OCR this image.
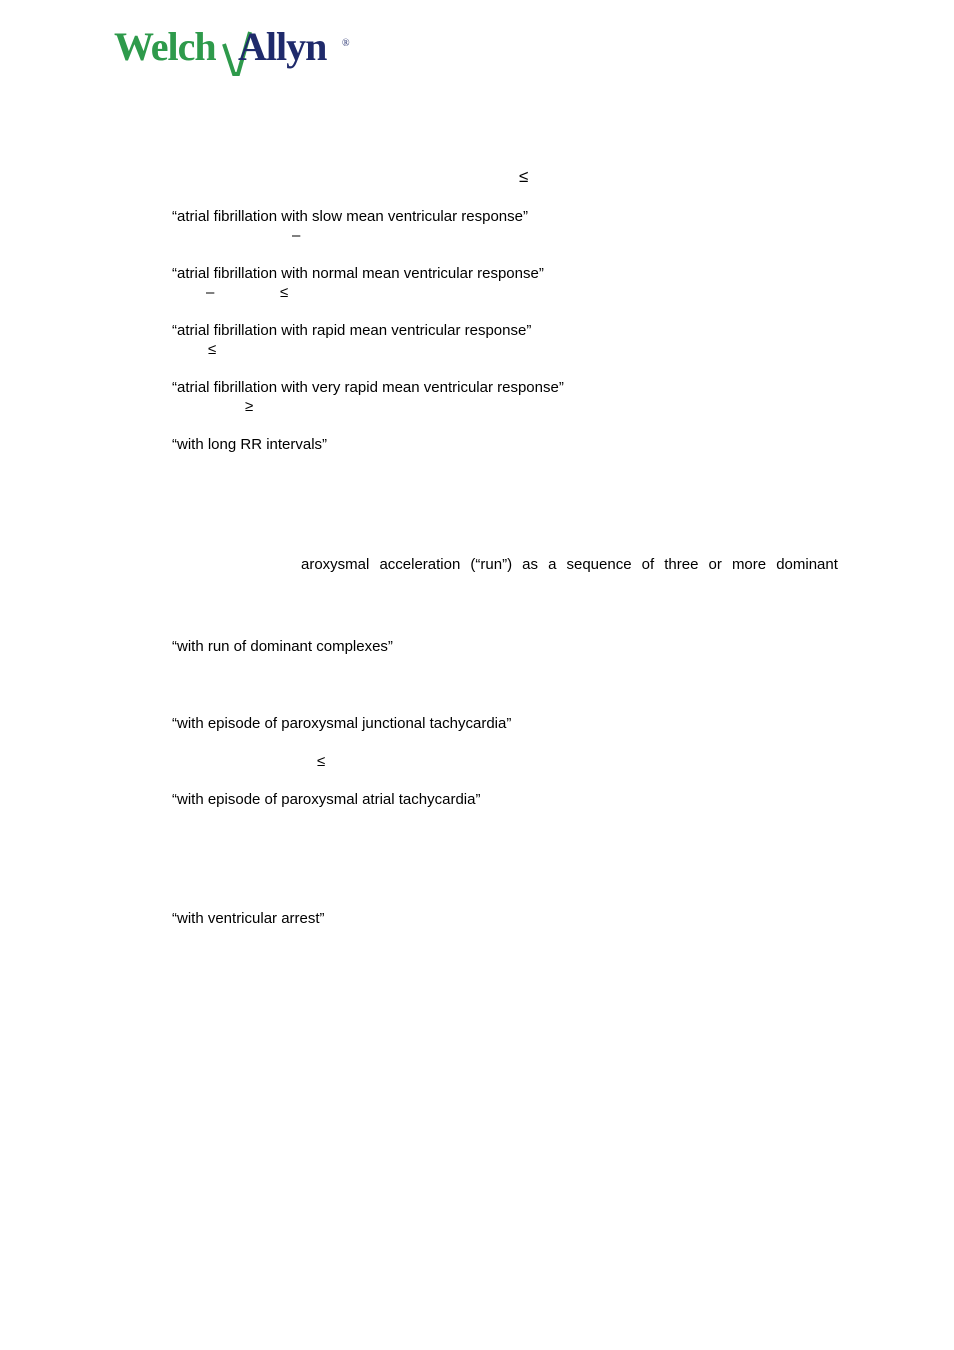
Welch Allyn ®
≤
“atrial fibrillation with slow mean ventricular response”
–
“atrial fibrillation with normal mean ventricular response”
–	≤
“atrial fibrillation with rapid mean ventricular response”
≤
“atrial fibrillation with very rapid mean ventricular response”
≥
“with long RR intervals”
aroxysmal acceleration (“run”) as a sequence of three or more dominant
“with run of dominant complexes”
“with episode of paroxysmal junctional tachycardia”
≤
“with episode of paroxysmal atrial tachycardia”
“with ventricular arrest”
